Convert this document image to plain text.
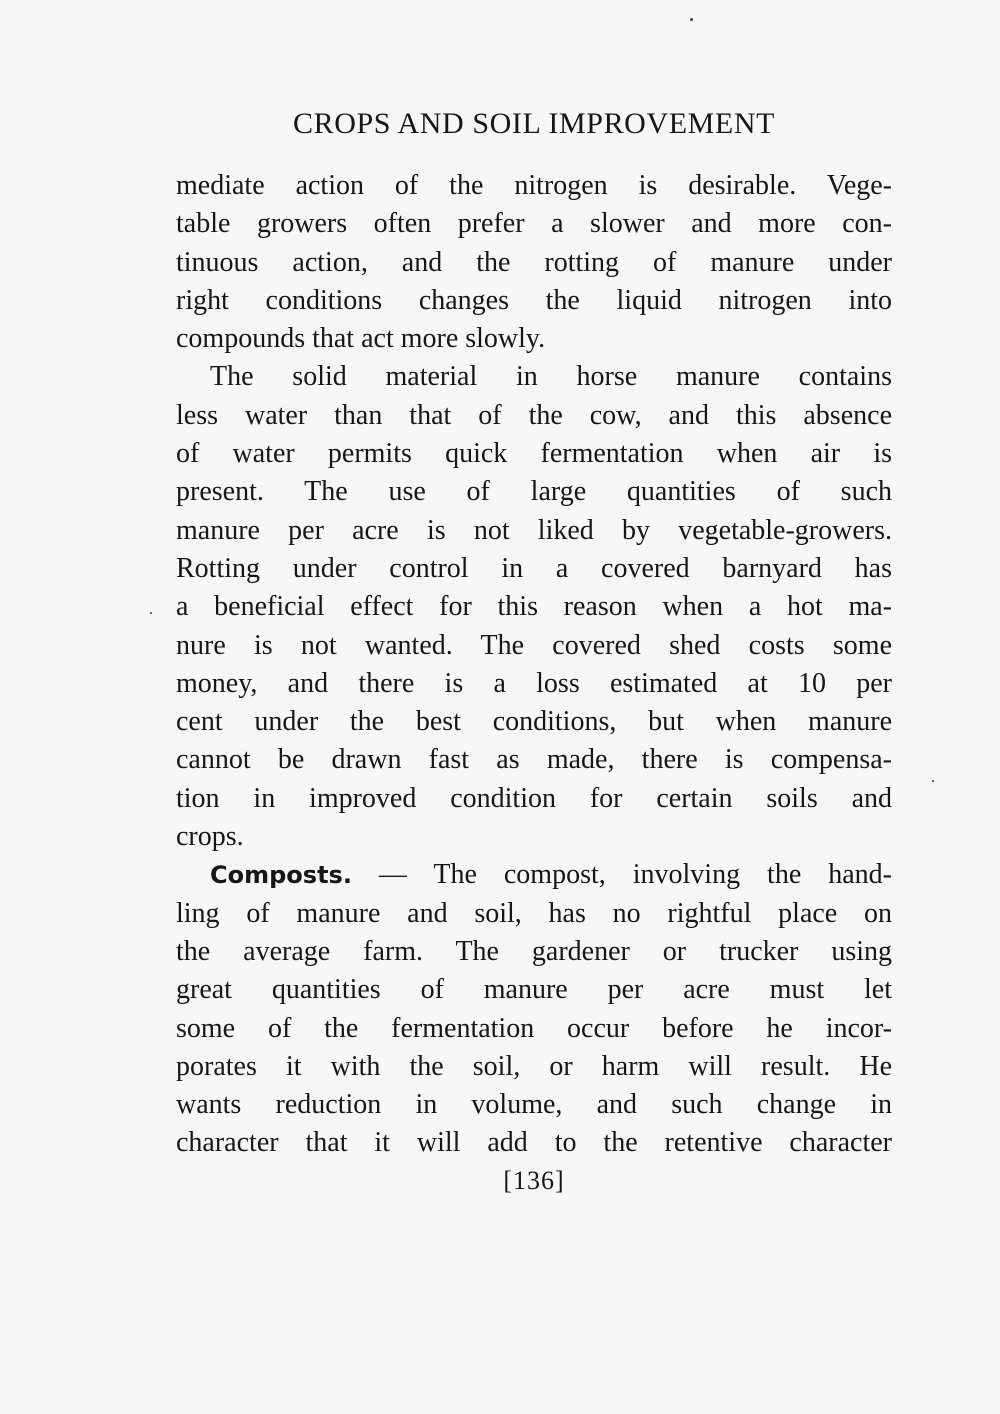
CROPS AND SOIL IMPROVEMENT
mediate action of the nitrogen is desirable. Vege-
table growers often prefer a slower and more con-
tinuous action, and the rotting of manure under
right conditions changes the liquid nitrogen into
compounds that act more slowly.
The solid material in horse manure contains
less water than that of the cow, and this absence
of water permits quick fermentation when air is
present. The use of large quantities of such
manure per acre is not liked by vegetable-growers.
Rotting under control in a covered barnyard has
a beneficial effect for this reason when a hot ma-
nure is not wanted. The covered shed costs some
money, and there is a loss estimated at 10 per
cent under the best conditions, but when manure
cannot be drawn fast as made, there is compensa-
tion in improved condition for certain soils and
crops.
Composts. — The compost, involving the hand-
ling of manure and soil, has no rightful place on
the average farm. The gardener or trucker using
great quantities of manure per acre must let
some of the fermentation occur before he incor-
porates it with the soil, or harm will result. He
wants reduction in volume, and such change in
character that it will add to the retentive character
[136]
